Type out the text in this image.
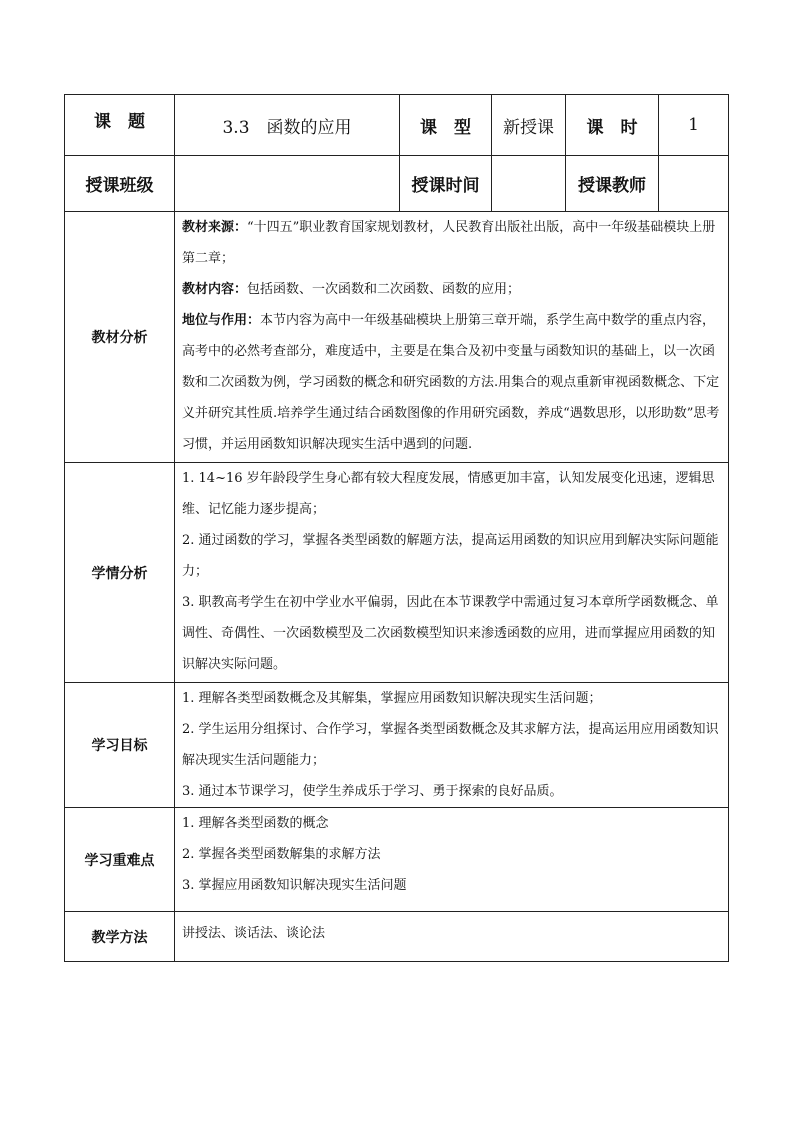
课　题	3.3　函数的应用	课　型	新授课	课　时	1
授课班级		授课时间		授课教师	
教材分析	教材来源：“十四五”职业教育国家规划教材，人民教育出版社出版，高中一年级基础模块上册第二章；

教材内容：包括函数、一次函数和二次函数、函数的应用；

地位与作用：本节内容为高中一年级基础模块上册第三章开端，系学生高中数学的重点内容，高考中的必然考查部分，难度适中，主要是在集合及初中变量与函数知识的基础上，以一次函数和二次函数为例，学习函数的概念和研究函数的方法.用集合的观点重新审视函数概念、下定义并研究其性质.培养学生通过结合函数图像的作用研究函数，养成“遇数思形，以形助数”思考习惯，并运用函数知识解决现实生活中遇到的问题.				

学情分析	1. 14~16 岁年龄段学生身心都有较大程度发展，情感更加丰富，认知发展变化迅速，逻辑思维、记忆能力逐步提高；

2. 通过函数的学习，掌握各类型函数的解题方法，提高运用函数的知识应用到解决实际问题能力；

3. 职教高考学生在初中学业水平偏弱，因此在本节课教学中需通过复习本章所学函数概念、单调性、奇偶性、一次函数模型及二次函数模型知识来渗透函数的应用，进而掌握应用函数的知识解决实际问题。				

学习目标	1. 理解各类型函数概念及其解集，掌握应用函数知识解决现实生活问题；

2. 学生运用分组探讨、合作学习，掌握各类型函数概念及其求解方法，提高运用应用函数知识解决现实生活问题能力；

3. 通过本节课学习，使学生养成乐于学习、勇于探索的良好品质。				

学习重难点	1. 理解各类型函数的概念

2. 掌握各类型函数解集的求解方法

3. 掌握应用函数知识解决现实生活问题				

教学方法	讲授法、谈话法、谈论法				
